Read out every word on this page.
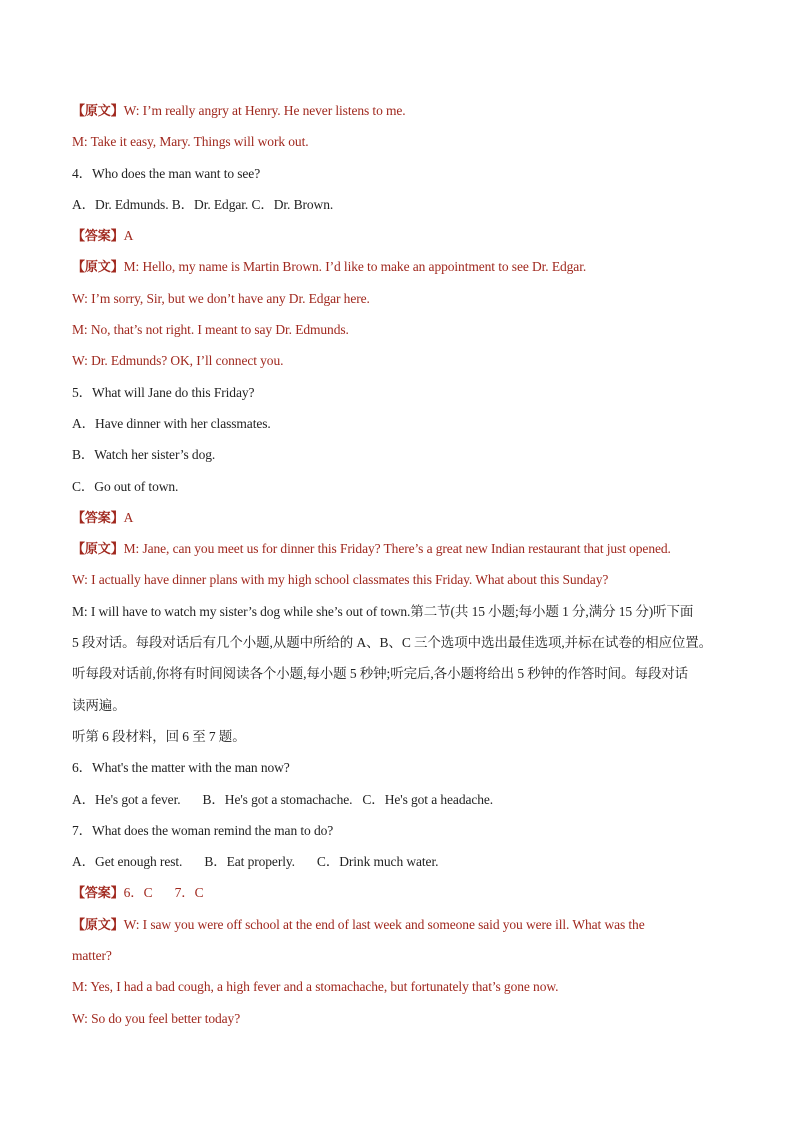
【原文】W: I’m really angry at Henry. He never listens to me.
M: Take it easy, Mary. Things will work out.
4．Who does the man want to see?
A．Dr. Edmunds. B．Dr. Edgar. C．Dr. Brown.
【答案】A
【原文】M: Hello, my name is Martin Brown. I’d like to make an appointment to see Dr. Edgar.
W: I’m sorry, Sir, but we don’t have any Dr. Edgar here.
M: No, that’s not right. I meant to say Dr. Edmunds.
W: Dr. Edmunds? OK, I’ll connect you.
5．What will Jane do this Friday?
A．Have dinner with her classmates.
B．Watch her sister’s dog.
C．Go out of town.
【答案】A
【原文】M: Jane, can you meet us for dinner this Friday? There’s a great new Indian restaurant that just opened.
W: I actually have dinner plans with my high school classmates this Friday. What about this Sunday?
M: I will have to watch my sister’s dog while she’s out of town.第二节(共 15 小题;每小题 1 分,满分 15 分)听下面
5 段对话。每段对话后有几个小题,从题中所给的 A、B、C 三个选项中选出最佳选项,并标在试卷的相应位置。
听每段对话前,你将有时间阅读各个小题,每小题 5 秒钟;听完后,各小题将给出 5 秒钟的作答时间。每段对话
读两遍。
听第 6 段材料，回 6 至 7 题。
6．What's the matter with the man now?
A．He's got a fever. B．He's got a stomachache. C．He's got a headache.
7．What does the woman remind the man to do?
A．Get enough rest. B．Eat properly. C．Drink much water.
【答案】6．C 7．C
【原文】W: I saw you were off school at the end of last week and someone said you were ill. What was the
matter?
M: Yes, I had a bad cough, a high fever and a stomachache, but fortunately that’s gone now.
W: So do you feel better today?
